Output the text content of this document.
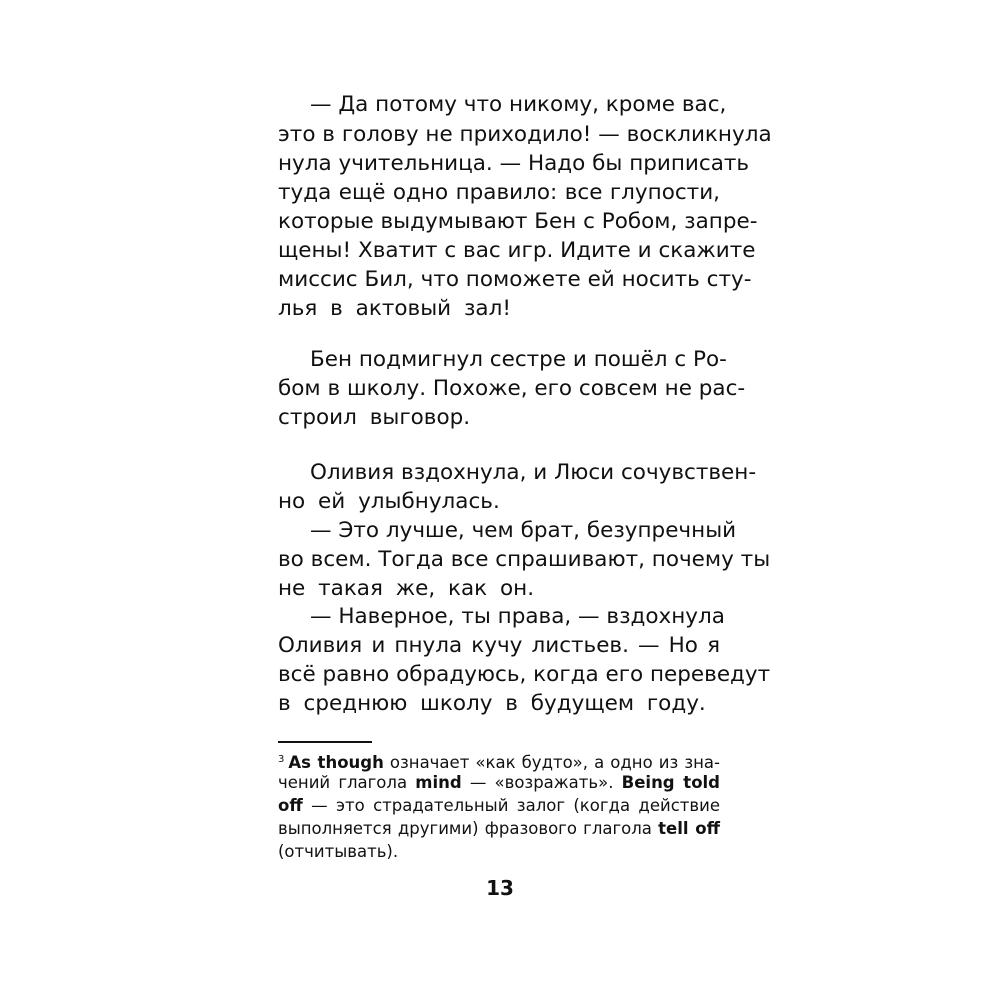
— Да потому что никому, кроме вас,
это в голову не приходило! — воскликнула
нула учительница. — Надо бы приписать
туда ещё одно правило: все глупости,
которые выдумывают Бен с Робом, запре-
щены! Хватит с вас игр. Идите и скажите
миссис Бил, что поможете ей носить сту-
лья в актовый зал!
Бен подмигнул сестре и пошёл с Ро-
бом в школу. Похоже, его совсем не рас-
строил выговор.
Оливия вздохнула, и Люси сочувствен-
но ей улыбнулась.
— Это лучше, чем брат, безупречный
во всем. Тогда все спрашивают, почему ты
не такая же, как он.
— Наверное, ты права, — вздохнула
Оливия и пнула кучу листьев. — Но я
всё равно обрадуюсь, когда его переведут
в среднюю школу в будущем году.
$^3$ As though означает «как будто», а одно из зна-
чений глагола mind — «возражать». Being told
off — это страдательный залог (когда действие
выполняется другими) фразового глагола tell off
(отчитывать).
13
